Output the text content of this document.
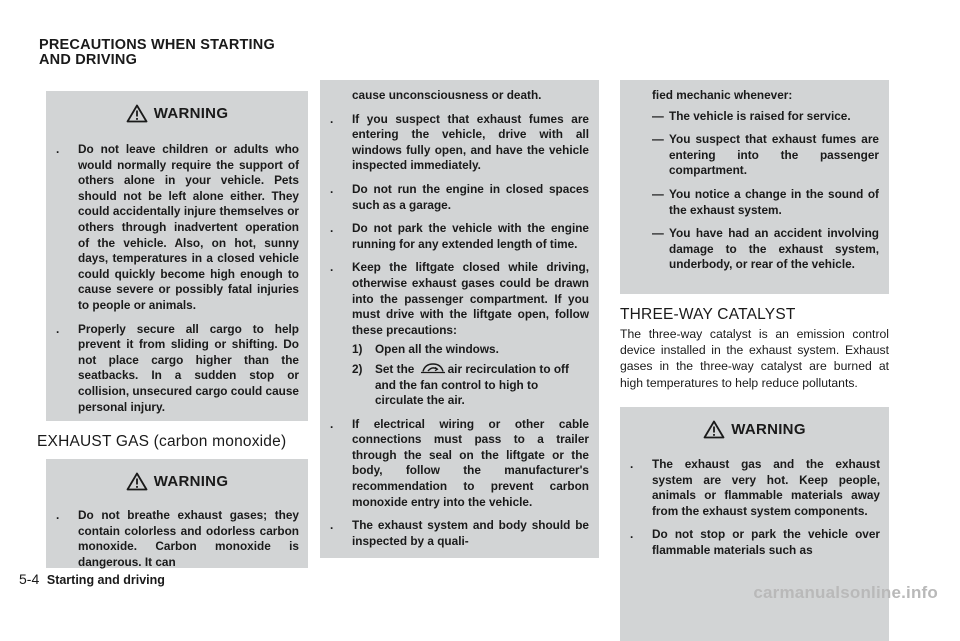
PRECAUTIONS WHEN STARTING
AND DRIVING
WARNING
.	Do not leave children or adults who would normally require the support of others alone in your vehicle. Pets should not be left alone either. They could accidentally injure themselves or others through inadvertent operation of the vehicle. Also, on hot, sunny days, temperatures in a closed vehicle could quickly become high enough to cause severe or possibly fatal injuries to people or animals.
.	Properly secure all cargo to help prevent it from sliding or shifting. Do not place cargo higher than the seatbacks. In a sudden stop or collision, unsecured cargo could cause personal injury.
EXHAUST GAS (carbon monoxide)
WARNING
.	Do not breathe exhaust gases; they contain colorless and odorless carbon monoxide. Carbon monoxide is dangerous. It can
cause unconsciousness or death.
.	If you suspect that exhaust fumes are entering the vehicle, drive with all windows fully open, and have the vehicle inspected immediately.
.	Do not run the engine in closed spaces such as a garage.
.	Do not park the vehicle with the engine running for any extended length of time.
.	Keep the liftgate closed while driving, otherwise exhaust gases could be drawn into the passenger compartment. If you must drive with the liftgate open, follow these precautions:
1)	Open all the windows.
2)	Set the	air recirculation to off and the fan control to high to circulate the air.
.	If electrical wiring or other cable connections must pass to a trailer through the seal on the liftgate or the body, follow the manufacturer's recommendation to prevent carbon monoxide entry into the vehicle.
.	The exhaust system and body should be inspected by a quali-
fied mechanic whenever:
— The vehicle is raised for service.
— You suspect that exhaust fumes are entering into the passenger compartment.
— You notice a change in the sound of the exhaust system.
— You have had an accident involving damage to the exhaust system, underbody, or rear of the vehicle.
THREE-WAY CATALYST
The three-way catalyst is an emission control device installed in the exhaust system. Exhaust gases in the three-way catalyst are burned at high temperatures to help reduce pollutants.
WARNING
.	The exhaust gas and the exhaust system are very hot. Keep people, animals or flammable materials away from the exhaust system components.
.	Do not stop or park the vehicle over flammable materials such as
5-4 Starting and driving
carmanualsonline.info
